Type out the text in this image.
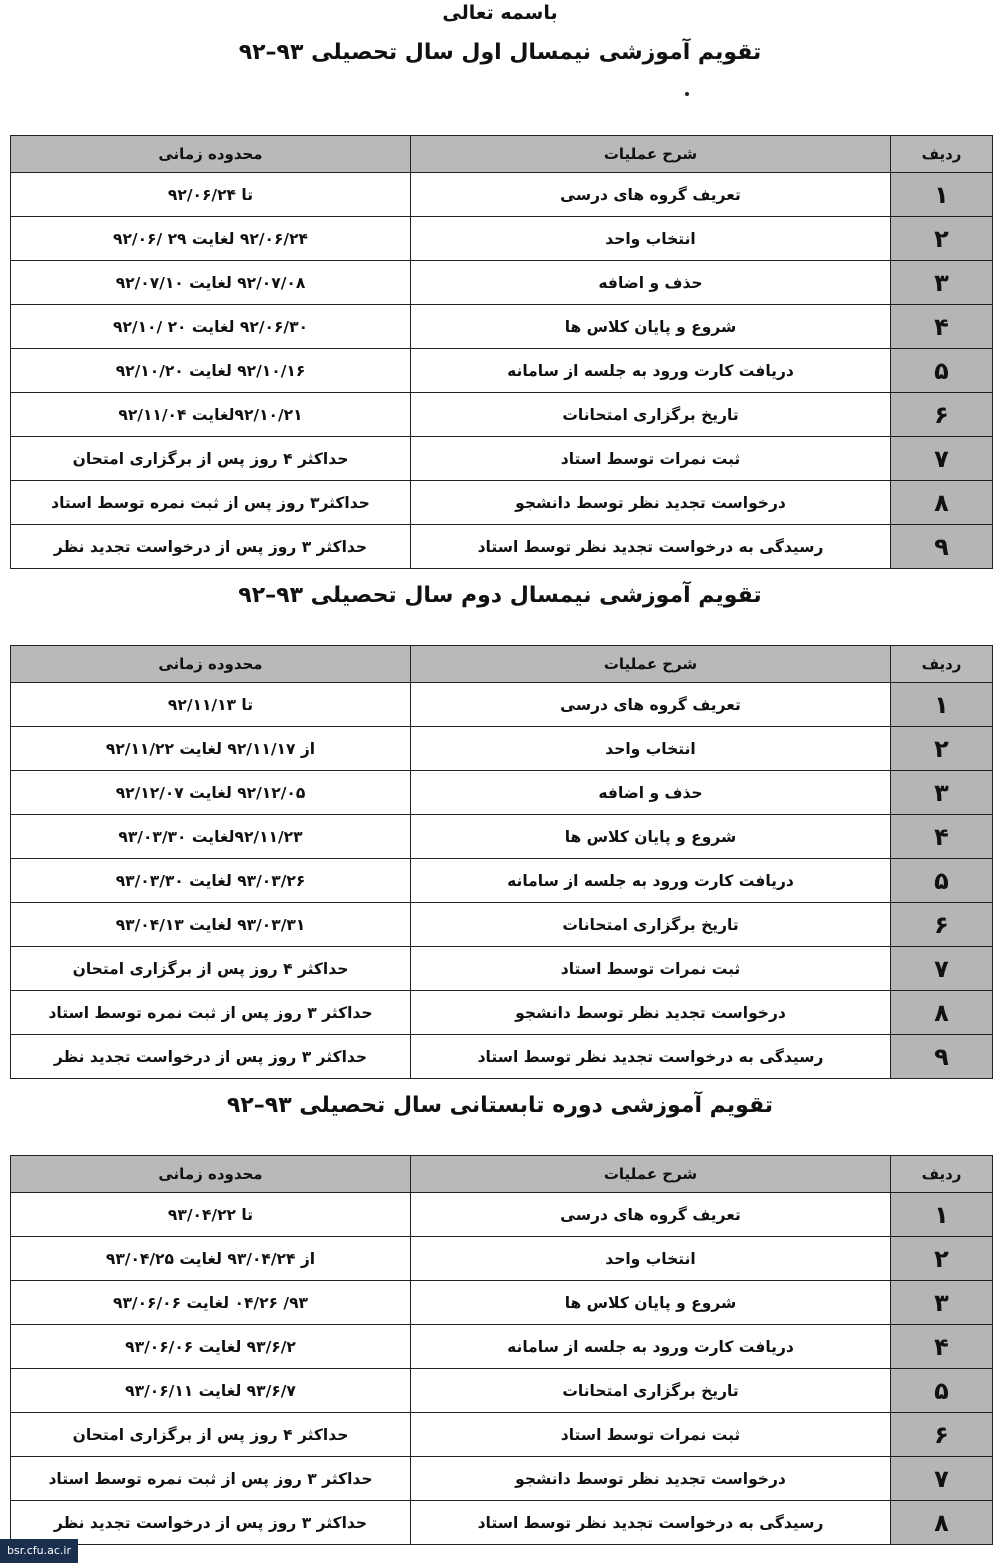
باسمه تعالی
تقویم آموزشی نیمسال اول سال تحصیلی ۹۳–۹۲
تقویم آموزشی نیمسال دوم سال تحصیلی ۹۳–۹۲
تقویم آموزشی دوره تابستانی سال تحصیلی ۹۳–۹۲
ردیف	شرح عملیات	محدوده زمانی
۱	تعریف گروه های درسی	تا ۹۲/۰۶/۲۴
۲	انتخاب واحد	۹۲/۰۶/۲۴ لغایت ۲۹ /۹۲/۰۶
۳	حذف و اضافه	۹۲/۰۷/۰۸ لغایت ۹۲/۰۷/۱۰
۴	شروع و پایان کلاس ها	۹۲/۰۶/۳۰ لغایت ۲۰ /۹۲/۱۰
۵	دریافت کارت ورود به جلسه از سامانه	۹۲/۱۰/۱۶ لغایت ۹۲/۱۰/۲۰
۶	تاریخ برگزاری امتحانات	۹۲/۱۰/۲۱لغایت ۹۲/۱۱/۰۴
۷	ثبت نمرات توسط استاد	حداکثر ۴ روز پس از برگزاری امتحان
۸	درخواست تجدید نظر توسط دانشجو	حداکثر۳ روز پس از ثبت نمره توسط استاد
۹	رسیدگی به درخواست تجدید نظر توسط استاد	حداکثر ۳ روز پس از درخواست تجدید نظر
ردیف	شرح عملیات	محدوده زمانی
۱	تعریف گروه های درسی	تا ۹۲/۱۱/۱۳
۲	انتخاب واحد	از ۹۲/۱۱/۱۷ لغایت ۹۲/۱۱/۲۲
۳	حذف و اضافه	۹۲/۱۲/۰۵ لغایت ۹۲/۱۲/۰۷
۴	شروع و پایان کلاس ها	۹۲/۱۱/۲۳لغایت ۹۳/۰۳/۳۰
۵	دریافت کارت ورود به جلسه از سامانه	۹۳/۰۳/۲۶ لغایت ۹۳/۰۳/۳۰
۶	تاریخ برگزاری امتحانات	۹۳/۰۳/۳۱ لغایت ۹۳/۰۴/۱۳
۷	ثبت نمرات توسط استاد	حداکثر ۴ روز پس از برگزاری امتحان
۸	درخواست تجدید نظر توسط دانشجو	حداکثر ۳ روز پس از ثبت نمره توسط استاد
۹	رسیدگی به درخواست تجدید نظر توسط استاد	حداکثر ۳ روز پس از درخواست تجدید نظر
ردیف	شرح عملیات	محدوده زمانی
۱	تعریف گروه های درسی	تا ۹۳/۰۴/۲۲
۲	انتخاب واحد	از ۹۳/۰۴/۲۴ لغایت ۹۳/۰۴/۲۵
۳	شروع و پایان کلاس ها	۹۳/ ۰۴/۲۶ لغایت ۹۳/۰۶/۰۶
۴	دریافت کارت ورود به جلسه از سامانه	۹۳/۶/۲ لغایت ۹۳/۰۶/۰۶
۵	تاریخ برگزاری امتحانات	۹۳/۶/۷ لغایت ۹۳/۰۶/۱۱
۶	ثبت نمرات توسط استاد	حداکثر ۴ روز پس از برگزاری امتحان
۷	درخواست تجدید نظر توسط دانشجو	حداکثر ۳ روز پس از ثبت نمره توسط استاد
۸	رسیدگی به درخواست تجدید نظر توسط استاد	حداکثر ۳ روز پس از درخواست تجدید نظر
bsr.cfu.ac.ir
